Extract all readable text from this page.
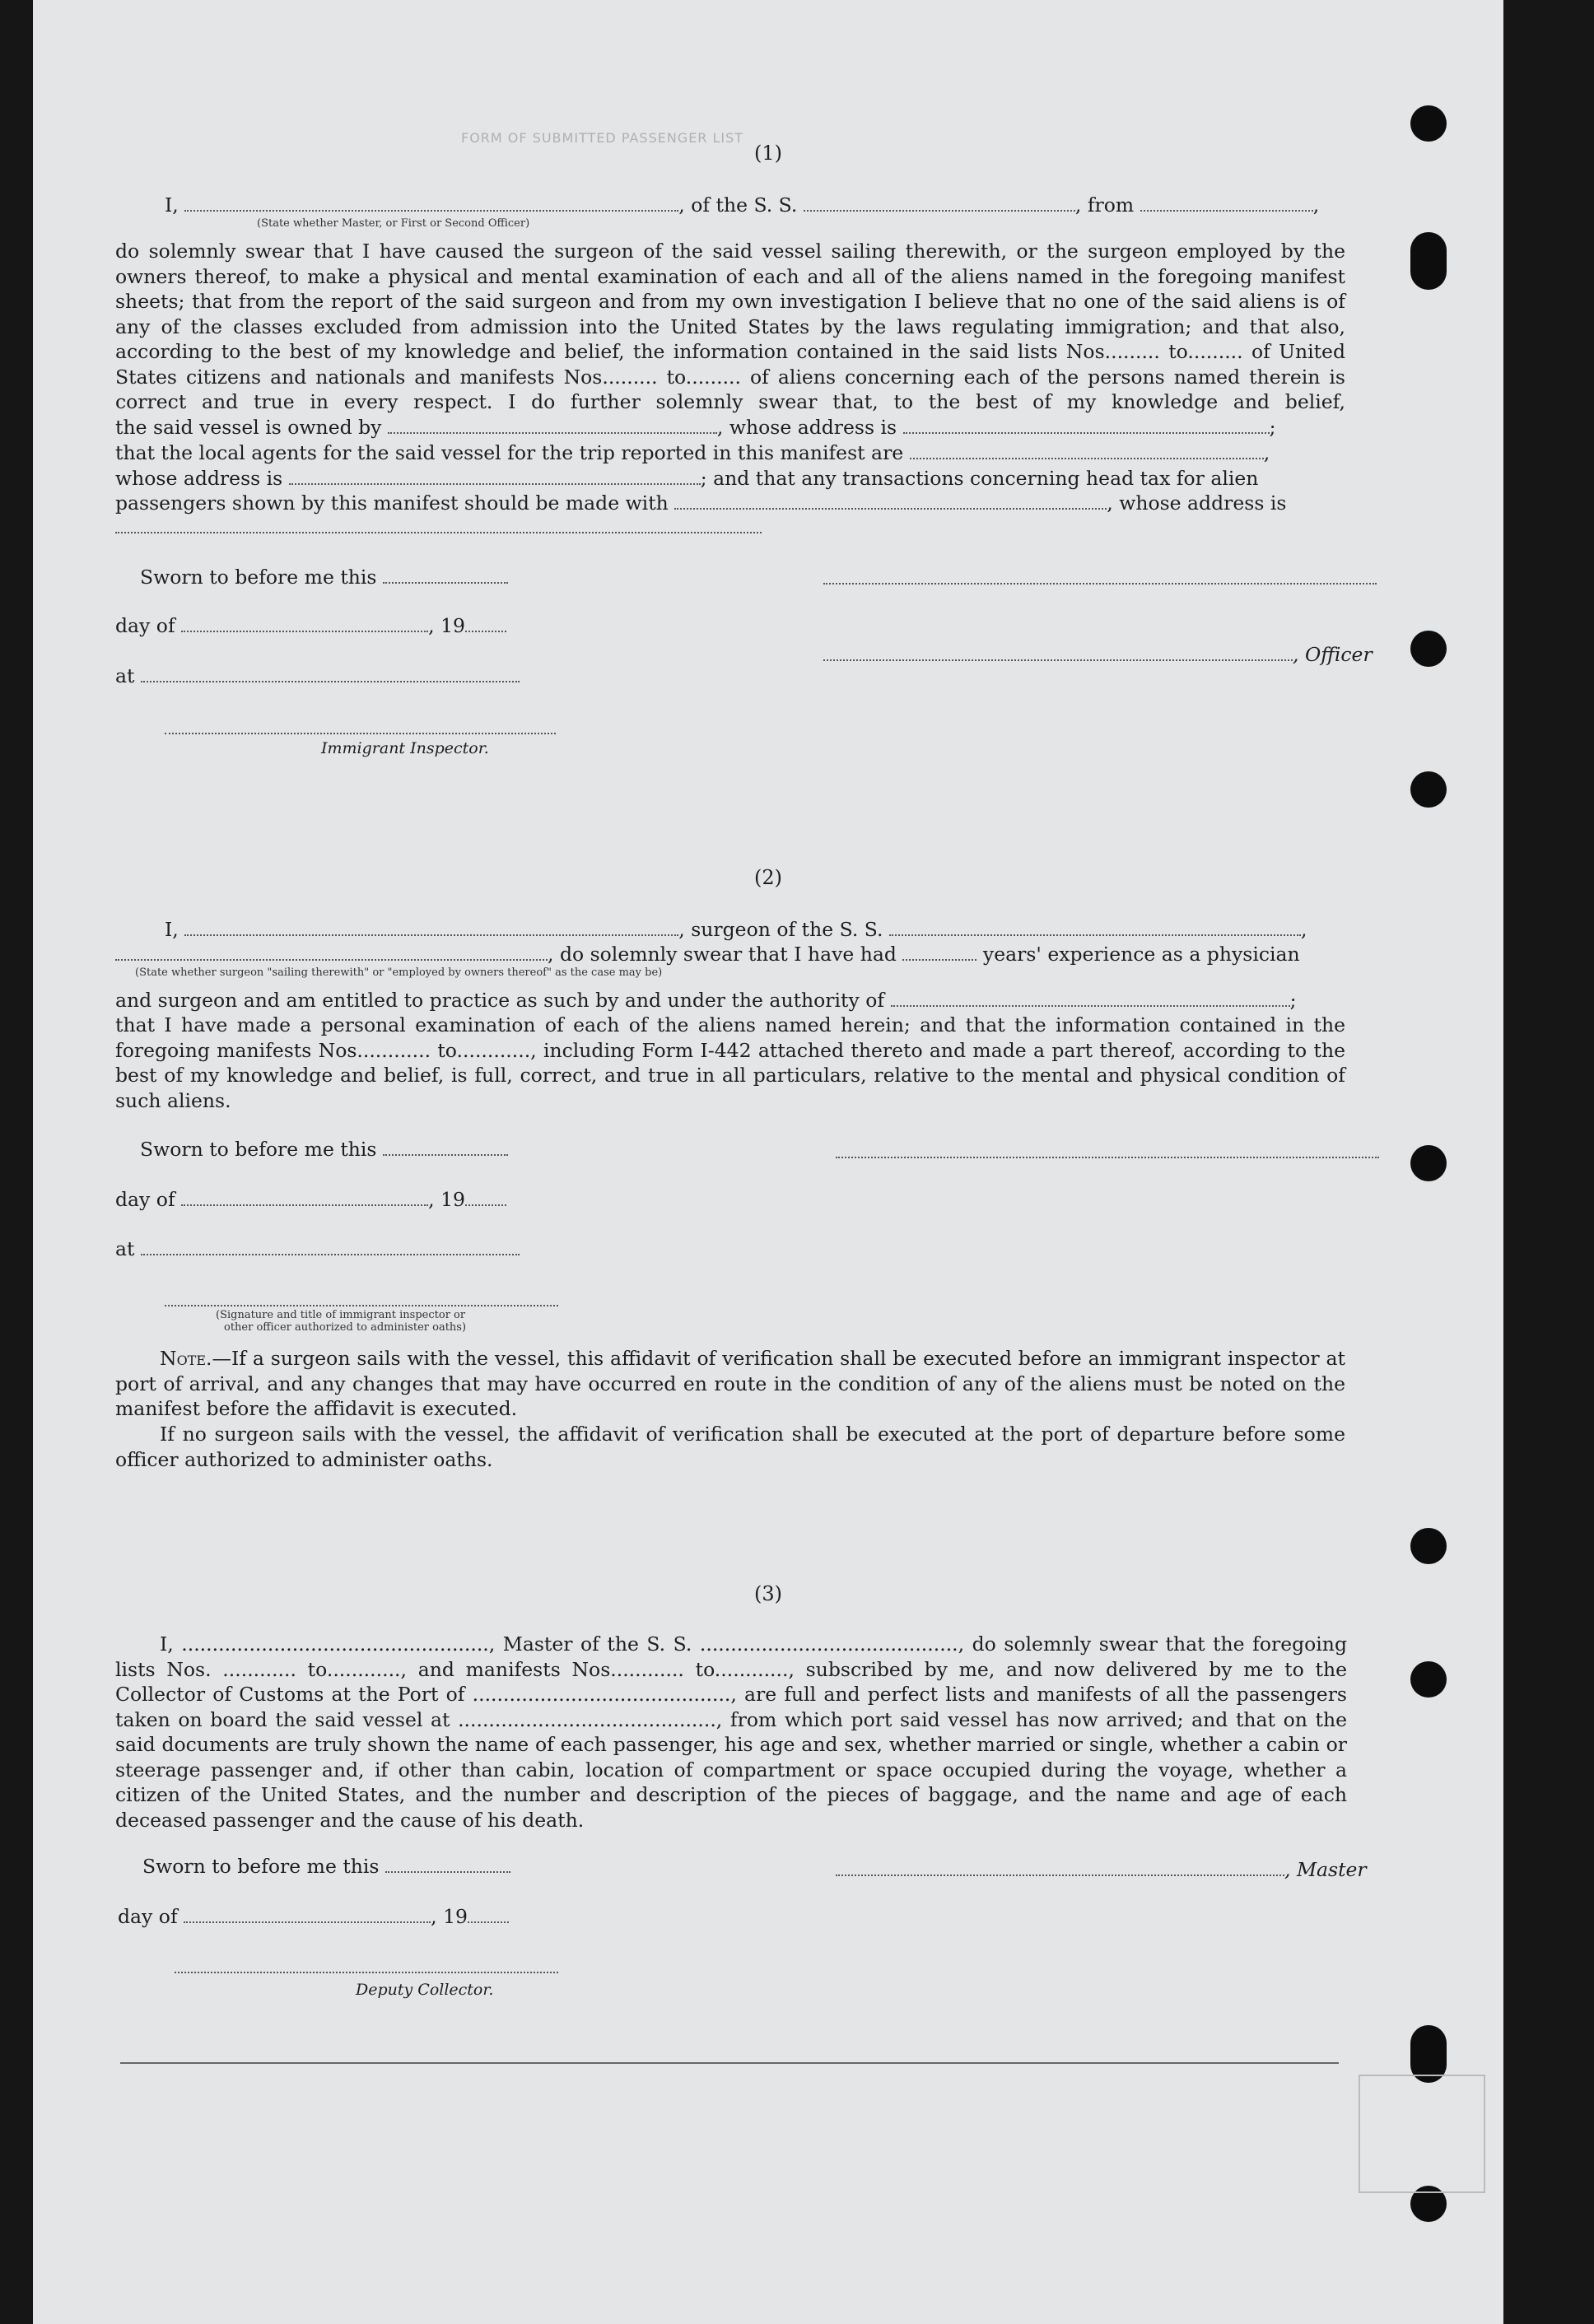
FORM OF SUBMITTED PASSENGER LIST
(1)
I,	, of the S. S.	, from	,
(State whether Master, or First or Second Officer)
do solemnly swear that I have caused the surgeon of the said vessel sailing therewith, or the surgeon employed by the owners thereof, to make a physical and mental examination of each and all of the aliens named in the foregoing manifest sheets; that from the report of the said surgeon and from my own investigation I believe that no one of the said aliens is of any of the classes excluded from admission into the United States by the laws regulating immigration; and that also, according to the best of my knowledge and belief, the information contained in the said lists Nos......... to......... of United States citizens and nationals and manifests Nos......... to......... of aliens concerning each of the persons named therein is correct and true in every respect. I do further solemnly swear that, to the best of my knowledge and belief,
the said vessel is owned by	, whose address is	;
that the local agents for the said vessel for the trip reported in this manifest are	,
whose address is	; and that any transactions concerning head tax for alien
passengers shown by this manifest should be made with	, whose address is
Sworn to before me this
day of	, 19
, Officer
at
Immigrant Inspector.
(2)
I,	, surgeon of the S. S.	,
, do solemnly swear that I have had	years' experience as a physician
(State whether surgeon "sailing therewith" or "employed by owners thereof" as the case may be)
and surgeon and am entitled to practice as such by and under the authority of	;
that I have made a personal examination of each of the aliens named herein; and that the information contained in the foregoing manifests Nos............ to............, including Form I-442 attached thereto and made a part thereof, according to the best of my knowledge and belief, is full, correct, and true in all particulars, relative to the mental and physical condition of such aliens.
Sworn to before me this
day of	, 19
at
(Signature and title of immigrant inspector or
other officer authorized to administer oaths)
Note.—If a surgeon sails with the vessel, this affidavit of verification shall be executed before an immigrant inspector at port of arrival, and any changes that may have occurred en route in the condition of any of the aliens must be noted on the manifest before the affidavit is executed.
If no surgeon sails with the vessel, the affidavit of verification shall be executed at the port of departure before some officer authorized to administer oaths.
(3)
I, .................................................., Master of the S. S. .........................................., do solemnly swear that the foregoing lists Nos. ............ to............, and manifests Nos............ to............, subscribed by me, and now delivered by me to the Collector of Customs at the Port of .........................................., are full and perfect lists and manifests of all the passengers taken on board the said vessel at .........................................., from which port said vessel has now arrived; and that on the said documents are truly shown the name of each passenger, his age and sex, whether married or single, whether a cabin or steerage passenger and, if other than cabin, location of compartment or space occupied during the voyage, whether a citizen of the United States, and the number and description of the pieces of baggage, and the name and age of each deceased passenger and the cause of his death.
Sworn to before me this	, Master
day of	, 19
Deputy Collector.
